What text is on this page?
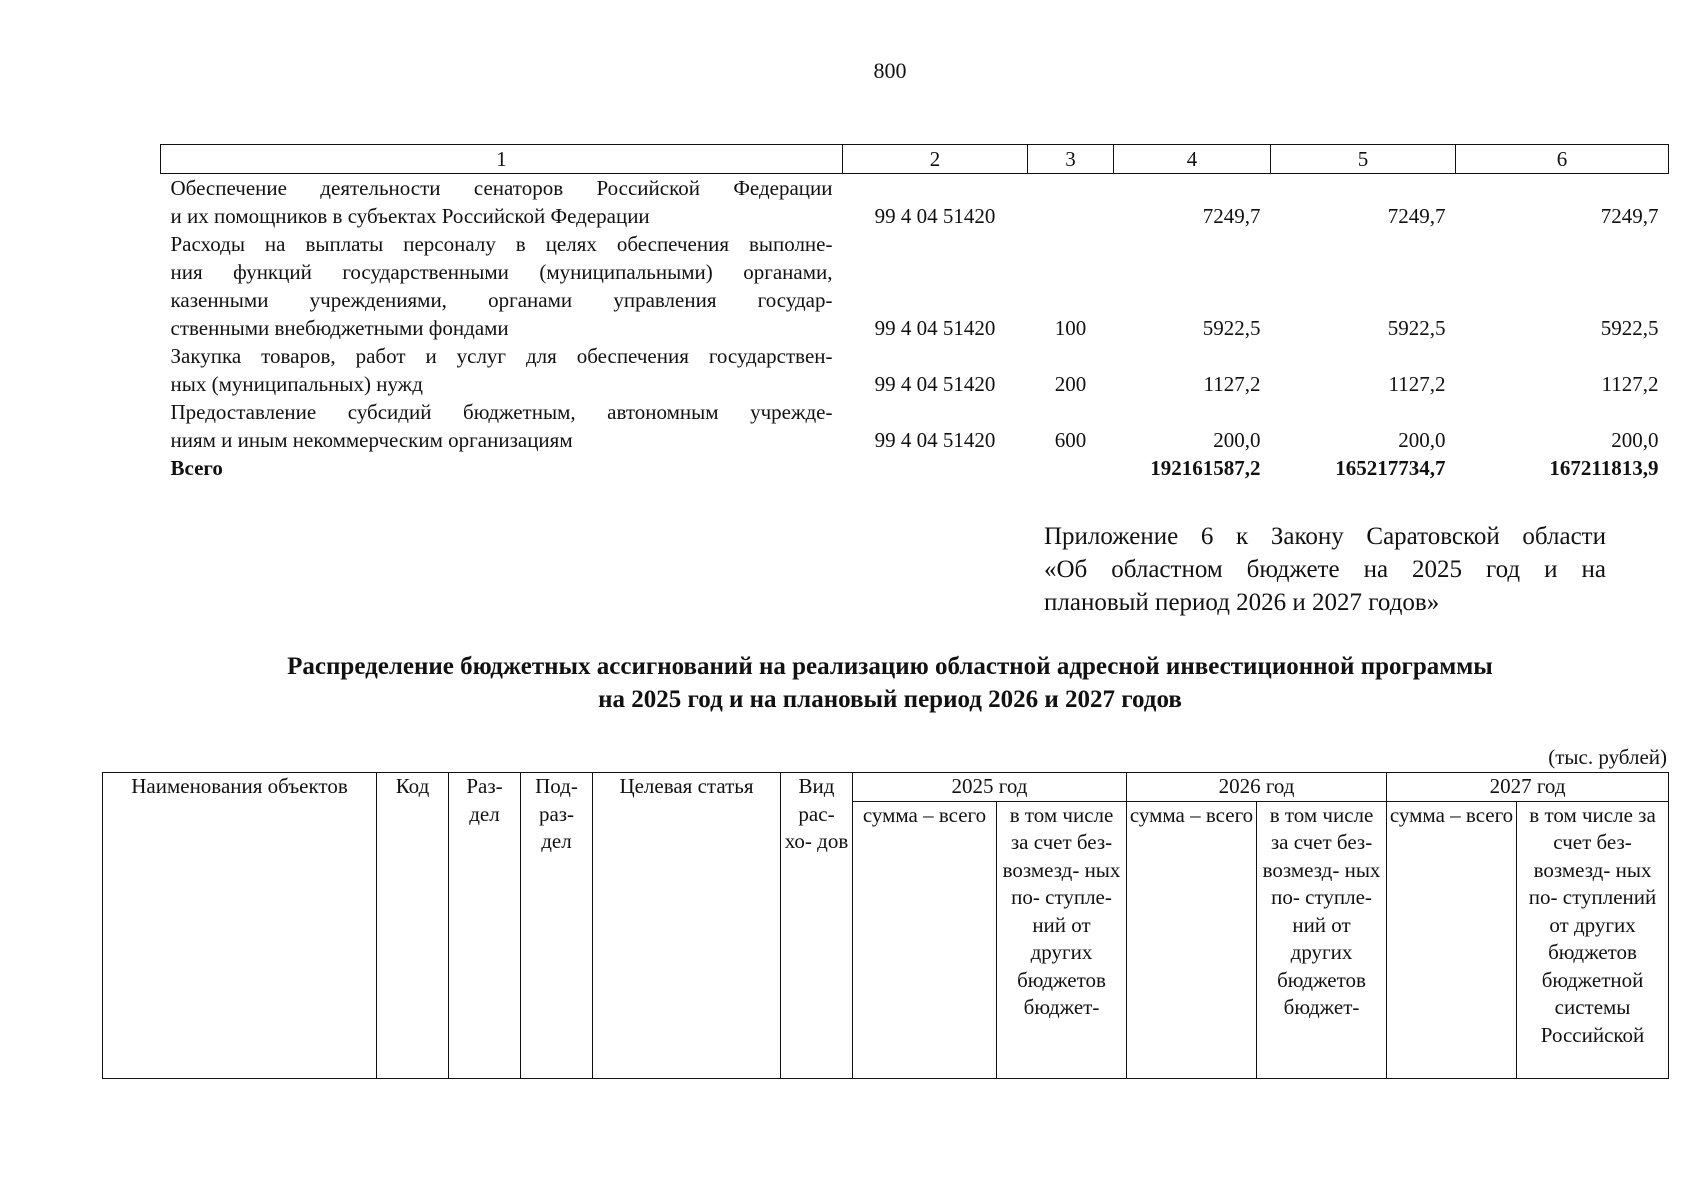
800
1	2	3	4	5	6

Обеспечение деятельности сенаторов Российской Федерации
и их помощников в субъектах Российской Федерации	99 4 04 51420		7249,7	7249,7	7249,7

Расходы на выплаты персоналу в целях обеспечения выполне-
ния функций государственными (муниципальными) органами,
казенными учреждениями, органами управления государ-
ственными внебюджетными фондами	99 4 04 51420	100	5922,5	5922,5	5922,5

Закупка товаров, работ и услуг для обеспечения государствен-
ных (муниципальных) нужд	99 4 04 51420	200	1127,2	1127,2	1127,2

Предоставление субсидий бюджетным, автономным учрежде-
ниям и иным некоммерческим организациям	99 4 04 51420	600	200,0	200,0	200,0

Всего			192161587,2	165217734,7	167211813,9
Приложение 6 к Закону Саратовской области
«Об областном бюджете на 2025 год и на
плановый период 2026 и 2027 годов»
Распределение бюджетных ассигнований на реализацию областной адресной инвестиционной программы
на 2025 год и на плановый период 2026 и 2027 годов
(тыс. рублей)
Наименования объектов	Код	Раз- дел	Под- раз- дел	Целевая статья	Вид рас- хо- дов	2025 год		2026 год		2027 год	
						сумма – всего	в том числе за счет без- возмезд- ных по- ступле- ний от других бюджетов бюджет-	сумма – всего	в том числе за счет без- возмезд- ных по- ступле- ний от других бюджетов бюджет-	сумма – всего	в том числе за счет без- возмезд- ных по- ступлений от других бюджетов бюджетной системы Российской
